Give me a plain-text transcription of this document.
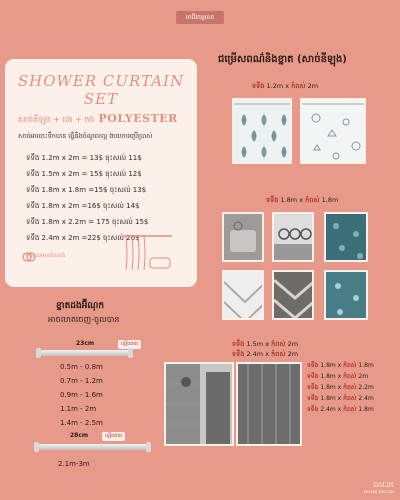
អាជីវកម្មខេត
SHOWER CURTAIN SET
សាច់នីឡុង + ដង + កង POLYESTER
សាច់អាចោះទឹកបាន ធ្វើនិងចំណូលល្អ ងាយការប្រើប្រាស់
ទទឹង 1.2m x 2m = 13$ ចុះសល់ 11$
ទទឹង 1.5m x 2m = 15$ ចុះសល់ 12$
ទទឹង 1.8m x 1.8m =15$ ចុះសល់ 13$
ទទឹង 1.8m x 2m =16$ ចុះសល់ 14$
ទទឹង 1.8m x 2.2m = 175 ចុះសល់ 15$
ទទឹង 2.4m x 2m =22$ ចុះសល់ 20$
*ជំនួសមានកំណាត់
ជម្រើសពណ៌និងខ្នាត (សាច់នីឡុង)
ទទឹង 1.2m x កំពស់ 2m
ទទឹង 1.8m x កំពស់ 1.8m
ខ្នាតដងអ៊ីណុក
អាចលាតចេញ-ចូលបាន
23cm	ឡើងជាង
0.5m - 0.8m
0.7m - 1.2m
0.9m - 1.6m
1.1m - 2m
1.4m - 2.5m
28cm	ឡើងជាង
2.1m-3m
ទទឹង 1.5m x កំពស់ 2m
ទទឹង 2.4m x កំពស់ 2m
ទទឹង 1.8m x កំពស់ 1.8m
ទទឹង 1.8m x កំពស់ 2m
ទទឹង 1.8m x កំពស់ 2.2m
ទទឹង 1.8m x កំពស់ 2.4m
ទទឹង 2.4m x កំពស់ 1.8m
DALIN
HOME DECOR
